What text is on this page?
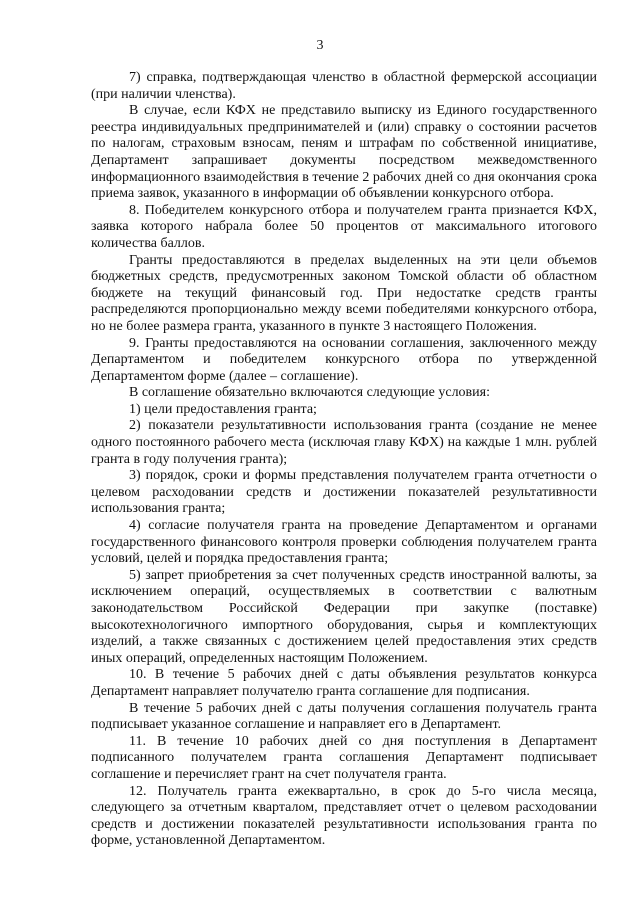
3

7) справка, подтверждающая членство в областной фермерской ассоциации (при наличии членства).

В случае, если КФХ не представило выписку из Единого государственного реестра индивидуальных предпринимателей и (или) справку о состоянии расчетов по налогам, страховым взносам, пеням и штрафам по собственной инициативе, Департамент запрашивает документы посредством межведомственного информационного взаимодействия в течение 2 рабочих дней со дня окончания срока приема заявок, указанного в информации об объявлении конкурсного отбора.

8. Победителем конкурсного отбора и получателем гранта признается КФХ, заявка которого набрала более 50 процентов от максимального итогового количества баллов.

Гранты предоставляются в пределах выделенных на эти цели объемов бюджетных средств, предусмотренных законом Томской области об областном бюджете на текущий финансовый год. При недостатке средств гранты распределяются пропорционально между всеми победителями конкурсного отбора, но не более размера гранта, указанного в пункте 3 настоящего Положения.

9. Гранты предоставляются на основании соглашения, заключенного между Департаментом и победителем конкурсного отбора по утвержденной Департаментом форме (далее – соглашение).

В соглашение обязательно включаются следующие условия:

1) цели предоставления гранта;

2) показатели результативности использования гранта (создание не менее одного постоянного рабочего места (исключая главу КФХ) на каждые 1 млн. рублей гранта в году получения гранта);

3) порядок, сроки и формы представления получателем гранта отчетности о целевом расходовании средств и достижении показателей результативности использования гранта;

4) согласие получателя гранта на проведение Департаментом и органами государственного финансового контроля проверки соблюдения получателем гранта условий, целей и порядка предоставления гранта;

5) запрет приобретения за счет полученных средств иностранной валюты, за исключением операций, осуществляемых в соответствии с валютным законодательством Российской Федерации при закупке (поставке) высокотехнологичного импортного оборудования, сырья и комплектующих изделий, а также связанных с достижением целей предоставления этих средств иных операций, определенных настоящим Положением.

10. В течение 5 рабочих дней с даты объявления результатов конкурса Департамент направляет получателю гранта соглашение для подписания.

В течение 5 рабочих дней с даты получения соглашения получатель гранта подписывает указанное соглашение и направляет его в Департамент.

11. В течение 10 рабочих дней со дня поступления в Департамент подписанного получателем гранта соглашения Департамент подписывает соглашение и перечисляет грант на счет получателя гранта.

12. Получатель гранта ежеквартально, в срок до 5-го числа месяца, следующего за отчетным кварталом, представляет отчет о целевом расходовании средств и достижении показателей результативности использования гранта по форме, установленной Департаментом.
